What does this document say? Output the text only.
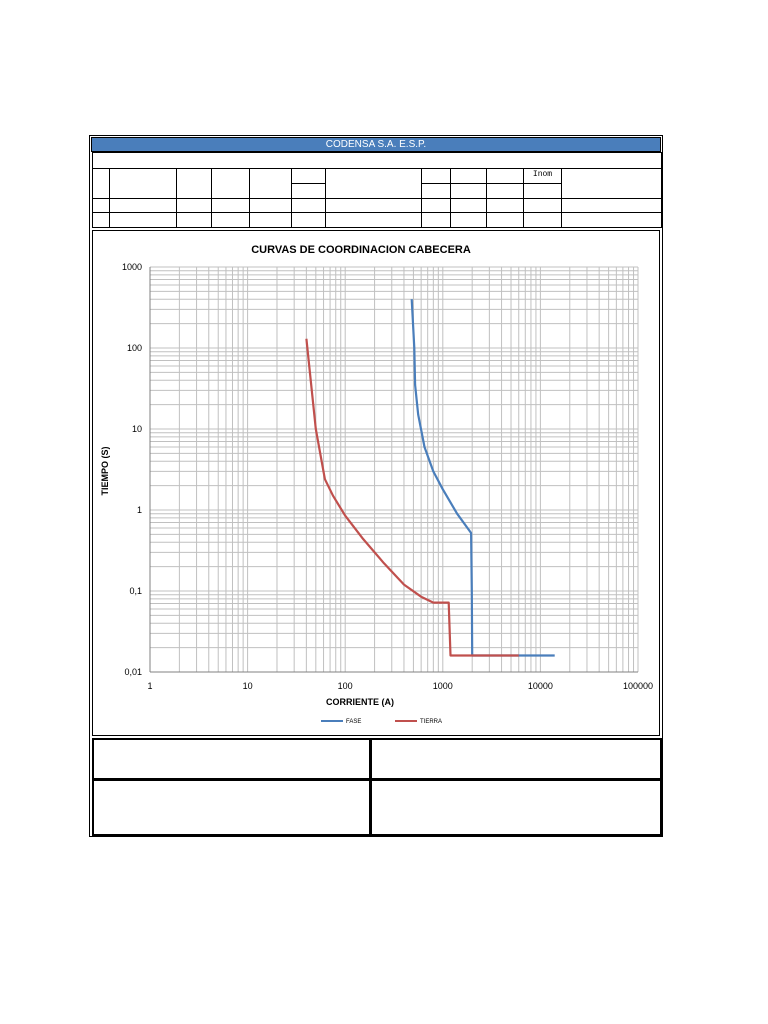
CODENSA S.A. E.S.P.
Inom
CURVAS DE COORDINACION CABECERA
CORRIENTE (A)
TIEMPO (S)
1	10	100	1000	10000	100000
0,01
0,1
1
10
100
1000
FASE	TIERRA
